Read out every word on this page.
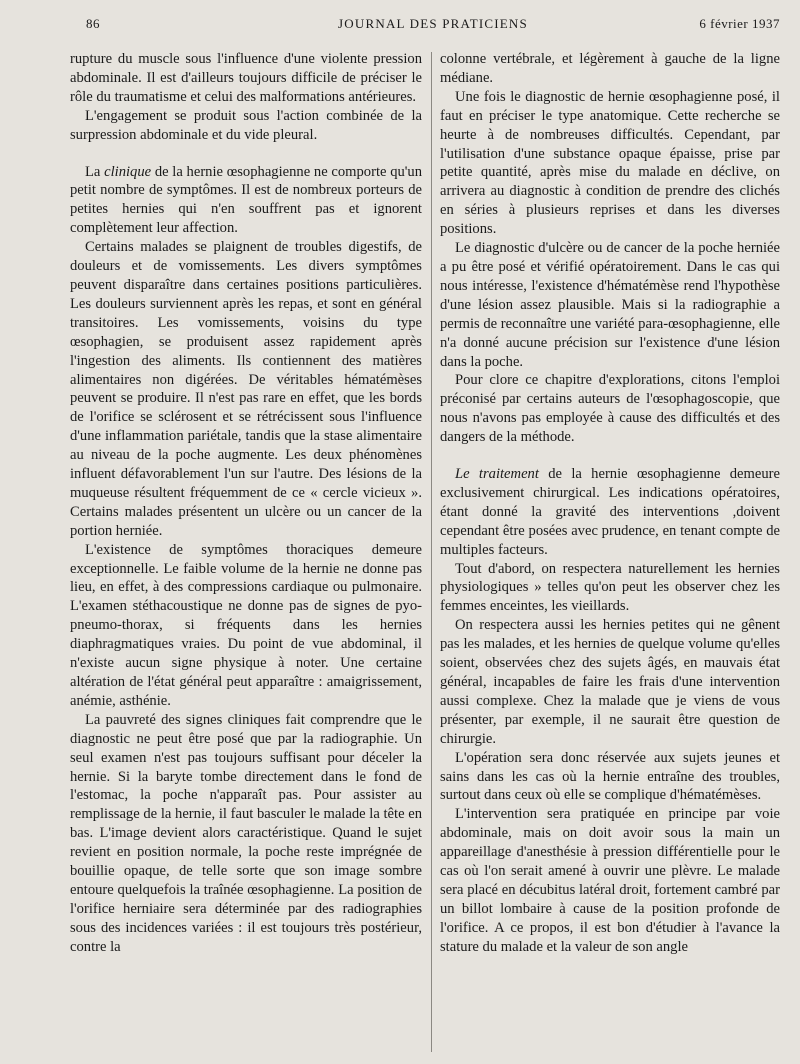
86	JOURNAL DES PRATICIENS	6 février 1937

rupture du muscle sous l'influence d'une violente pression abdominale. Il est d'ailleurs toujours difficile de préciser le rôle du traumatisme et celui des malformations antérieures.

L'engagement se produit sous l'action combinée de la surpression abdominale et du vide pleural.

La clinique de la hernie œsophagienne ne comporte qu'un petit nombre de symptômes. Il est de nombreux porteurs de petites hernies qui n'en souffrent pas et ignorent complètement leur affection.

Certains malades se plaignent de troubles digestifs, de douleurs et de vomissements. Les divers symptômes peuvent disparaître dans certaines positions particulières. Les douleurs surviennent après les repas, et sont en général transitoires. Les vomissements, voisins du type œsophagien, se produisent assez rapidement après l'ingestion des aliments. Ils contiennent des matières alimentaires non digérées. De véritables hématémèses peuvent se produire. Il n'est pas rare en effet, que les bords de l'orifice se sclérosent et se rétrécissent sous l'influence d'une inflammation pariétale, tandis que la stase alimentaire au niveau de la poche augmente. Les deux phénomènes influent défavorablement l'un sur l'autre. Des lésions de la muqueuse résultent fréquemment de ce « cercle vicieux ». Certains malades présentent un ulcère ou un cancer de la portion herniée.

L'existence de symptômes thoraciques demeure exceptionnelle. Le faible volume de la hernie ne donne pas lieu, en effet, à des compressions cardiaque ou pulmonaire. L'examen stéthacoustique ne donne pas de signes de pyo-pneumo-thorax, si fréquents dans les hernies diaphragmatiques vraies. Du point de vue abdominal, il n'existe aucun signe physique à noter. Une certaine altération de l'état général peut apparaître : amaigrissement, anémie, asthénie.

La pauvreté des signes cliniques fait comprendre que le diagnostic ne peut être posé que par la radiographie. Un seul examen n'est pas toujours suffisant pour déceler la hernie. Si la baryte tombe directement dans le fond de l'estomac, la poche n'apparaît pas. Pour assister au remplissage de la hernie, il faut basculer le malade la tête en bas. L'image devient alors caractéristique. Quand le sujet revient en position normale, la poche reste imprégnée de bouillie opaque, de telle sorte que son image sombre entoure quelquefois la traînée œsophagienne. La position de l'orifice herniaire sera déterminée par des radiographies sous des incidences variées : il est toujours très postérieur, contre la

colonne vertébrale, et légèrement à gauche de la ligne médiane.

Une fois le diagnostic de hernie œsophagienne posé, il faut en préciser le type anatomique. Cette recherche se heurte à de nombreuses difficultés. Cependant, par l'utilisation d'une substance opaque épaisse, prise par petite quantité, après mise du malade en déclive, on arrivera au diagnostic à condition de prendre des clichés en séries à plusieurs reprises et dans les diverses positions.

Le diagnostic d'ulcère ou de cancer de la poche herniée a pu être posé et vérifié opératoirement. Dans le cas qui nous intéresse, l'existence d'hématémèse rend l'hypothèse d'une lésion assez plausible. Mais si la radiographie a permis de reconnaître une variété para-œsophagienne, elle n'a donné aucune précision sur l'existence d'une lésion dans la poche.

Pour clore ce chapitre d'explorations, citons l'emploi préconisé par certains auteurs de l'œsophagoscopie, que nous n'avons pas employée à cause des difficultés et des dangers de la méthode.

Le traitement de la hernie œsophagienne demeure exclusivement chirurgical. Les indications opératoires, étant donné la gravité des interventions ,doivent cependant être posées avec prudence, en tenant compte de multiples facteurs.

Tout d'abord, on respectera naturellement les hernies physiologiques » telles qu'on peut les observer chez les femmes enceintes, les vieillards.

On respectera aussi les hernies petites qui ne gênent pas les malades, et les hernies de quelque volume qu'elles soient, observées chez des sujets âgés, en mauvais état général, incapables de faire les frais d'une intervention aussi complexe. Chez la malade que je viens de vous présenter, par exemple, il ne saurait être question de chirurgie.

L'opération sera donc réservée aux sujets jeunes et sains dans les cas où la hernie entraîne des troubles, surtout dans ceux où elle se complique d'hématémèses.

L'intervention sera pratiquée en principe par voie abdominale, mais on doit avoir sous la main un appareillage d'anesthésie à pression différentielle pour le cas où l'on serait amené à ouvrir une plèvre. Le malade sera placé en décubitus latéral droit, fortement cambré par un billot lombaire à cause de la position profonde de l'orifice. A ce propos, il est bon d'étudier à l'avance la stature du malade et la valeur de son angle
